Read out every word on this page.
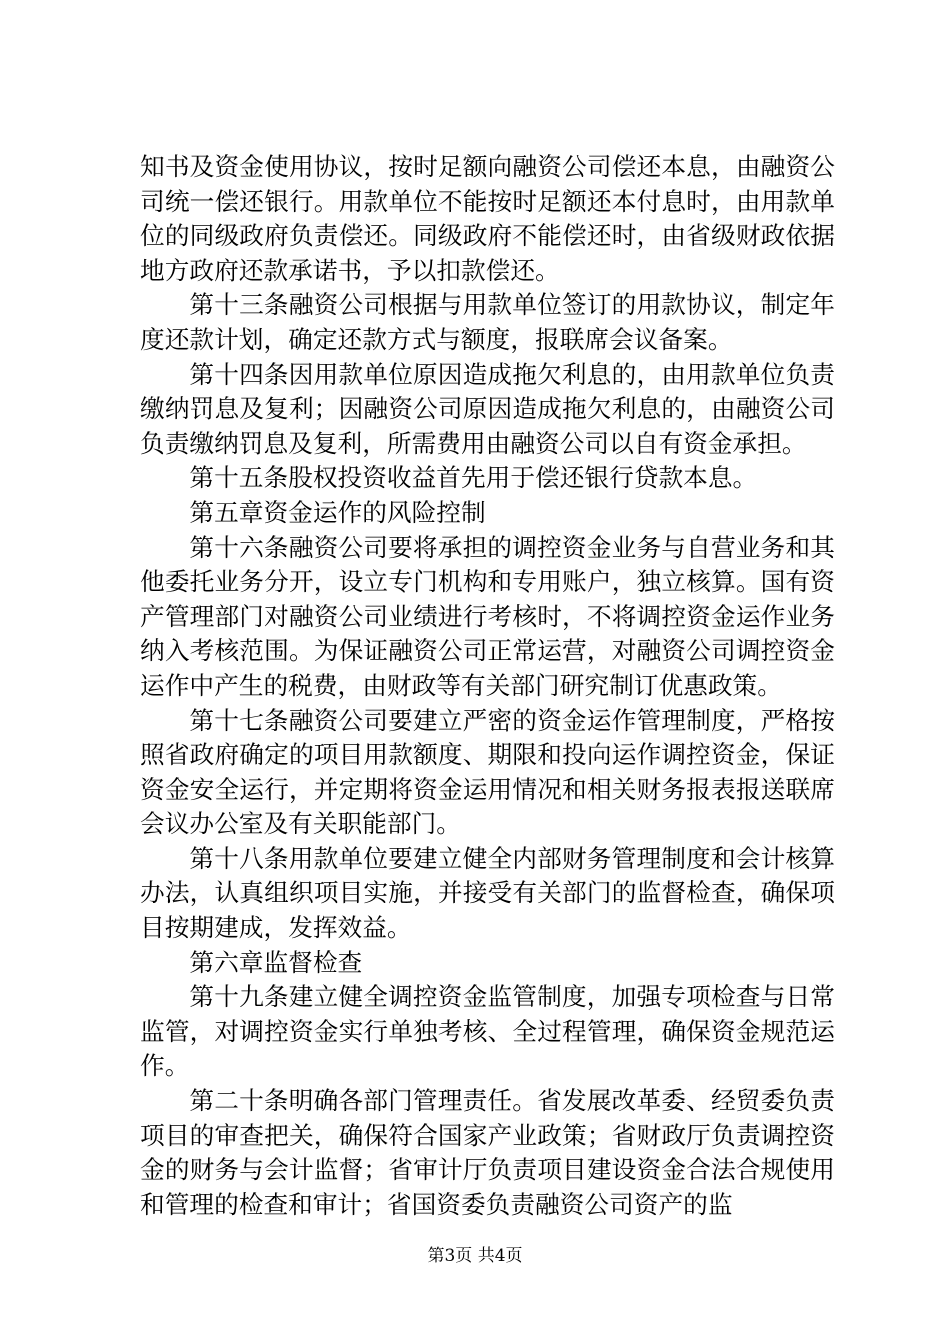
知书及资金使用协议，按时足额向融资公司偿还本息，由融资公司统一偿还银行。用款单位不能按时足额还本付息时，由用款单位的同级政府负责偿还。同级政府不能偿还时，由省级财政依据地方政府还款承诺书，予以扣款偿还。

第十三条融资公司根据与用款单位签订的用款协议，制定年度还款计划，确定还款方式与额度，报联席会议备案。

第十四条因用款单位原因造成拖欠利息的，由用款单位负责缴纳罚息及复利；因融资公司原因造成拖欠利息的，由融资公司负责缴纳罚息及复利，所需费用由融资公司以自有资金承担。

第十五条股权投资收益首先用于偿还银行贷款本息。

第五章资金运作的风险控制

第十六条融资公司要将承担的调控资金业务与自营业务和其他委托业务分开，设立专门机构和专用账户，独立核算。国有资产管理部门对融资公司业绩进行考核时，不将调控资金运作业务纳入考核范围。为保证融资公司正常运营，对融资公司调控资金运作中产生的税费，由财政等有关部门研究制订优惠政策。

第十七条融资公司要建立严密的资金运作管理制度，严格按照省政府确定的项目用款额度、期限和投向运作调控资金，保证资金安全运行，并定期将资金运用情况和相关财务报表报送联席会议办公室及有关职能部门。

第十八条用款单位要建立健全内部财务管理制度和会计核算办法，认真组织项目实施，并接受有关部门的监督检查，确保项目按期建成，发挥效益。

第六章监督检查

第十九条建立健全调控资金监管制度，加强专项检查与日常监管，对调控资金实行单独考核、全过程管理，确保资金规范运作。

第二十条明确各部门管理责任。省发展改革委、经贸委负责项目的审查把关，确保符合国家产业政策；省财政厅负责调控资金的财务与会计监督；省审计厅负责项目建设资金合法合规使用和管理的检查和审计；省国资委负责融资公司资产的监

第3页 共4页
